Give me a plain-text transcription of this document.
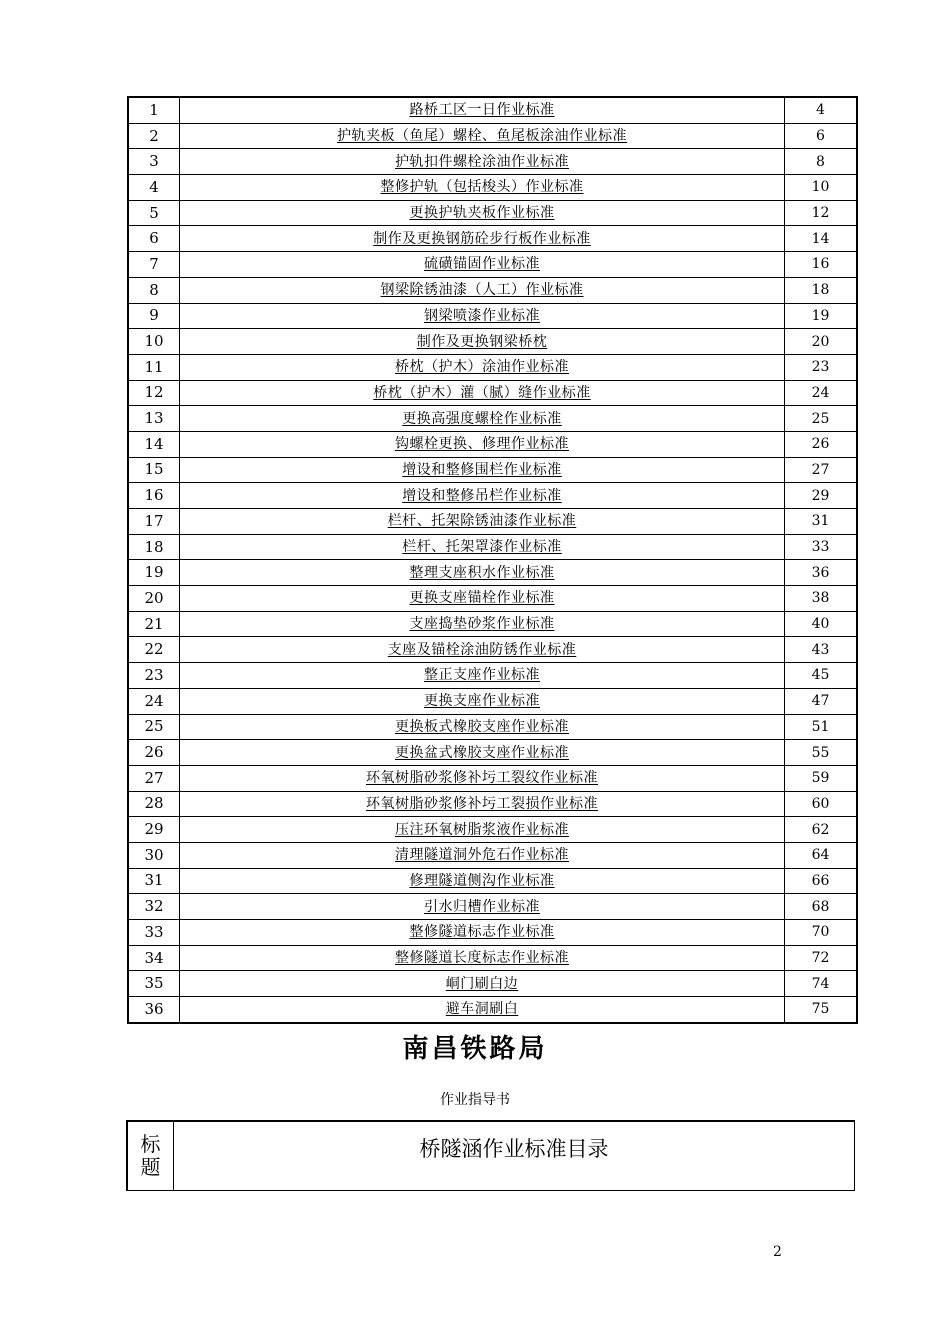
1	路桥工区一日作业标准	4
2	护轨夹板（鱼尾）螺栓、鱼尾板涂油作业标准	6
3	护轨扣件螺栓涂油作业标准	8
4	整修护轨（包括梭头）作业标准	10
5	更换护轨夹板作业标准	12
6	制作及更换钢筋砼步行板作业标准	14
7	硫磺锚固作业标准	16
8	钢梁除锈油漆（人工）作业标准	18
9	钢梁喷漆作业标准	19
10	制作及更换钢梁桥枕	20
11	桥枕（护木）涂油作业标准	23
12	桥枕（护木）灌（腻）缝作业标准	24
13	更换高强度螺栓作业标准	25
14	钩螺栓更换、修理作业标准	26
15	增设和整修围栏作业标准	27
16	增设和整修吊栏作业标准	29
17	栏杆、托架除锈油漆作业标准	31
18	栏杆、托架罩漆作业标准	33
19	整理支座积水作业标准	36
20	更换支座锚栓作业标准	38
21	支座捣垫砂浆作业标准	40
22	支座及锚栓涂油防锈作业标准	43
23	整正支座作业标准	45
24	更换支座作业标准	47
25	更换板式橡胶支座作业标准	51
26	更换盆式橡胶支座作业标准	55
27	环氧树脂砂浆修补圬工裂纹作业标准	59
28	环氧树脂砂浆修补圬工裂损作业标准	60
29	压注环氧树脂浆液作业标准	62
30	清理隧道洞外危石作业标准	64
31	修理隧道侧沟作业标准	66
32	引水归槽作业标准	68
33	整修隧道标志作业标准	70
34	整修隧道长度标志作业标准	72
35	峒门刷白边	74
36	避车洞刷白	75
南昌铁路局
作业指导书
标
题
桥隧涵作业标准目录
2
